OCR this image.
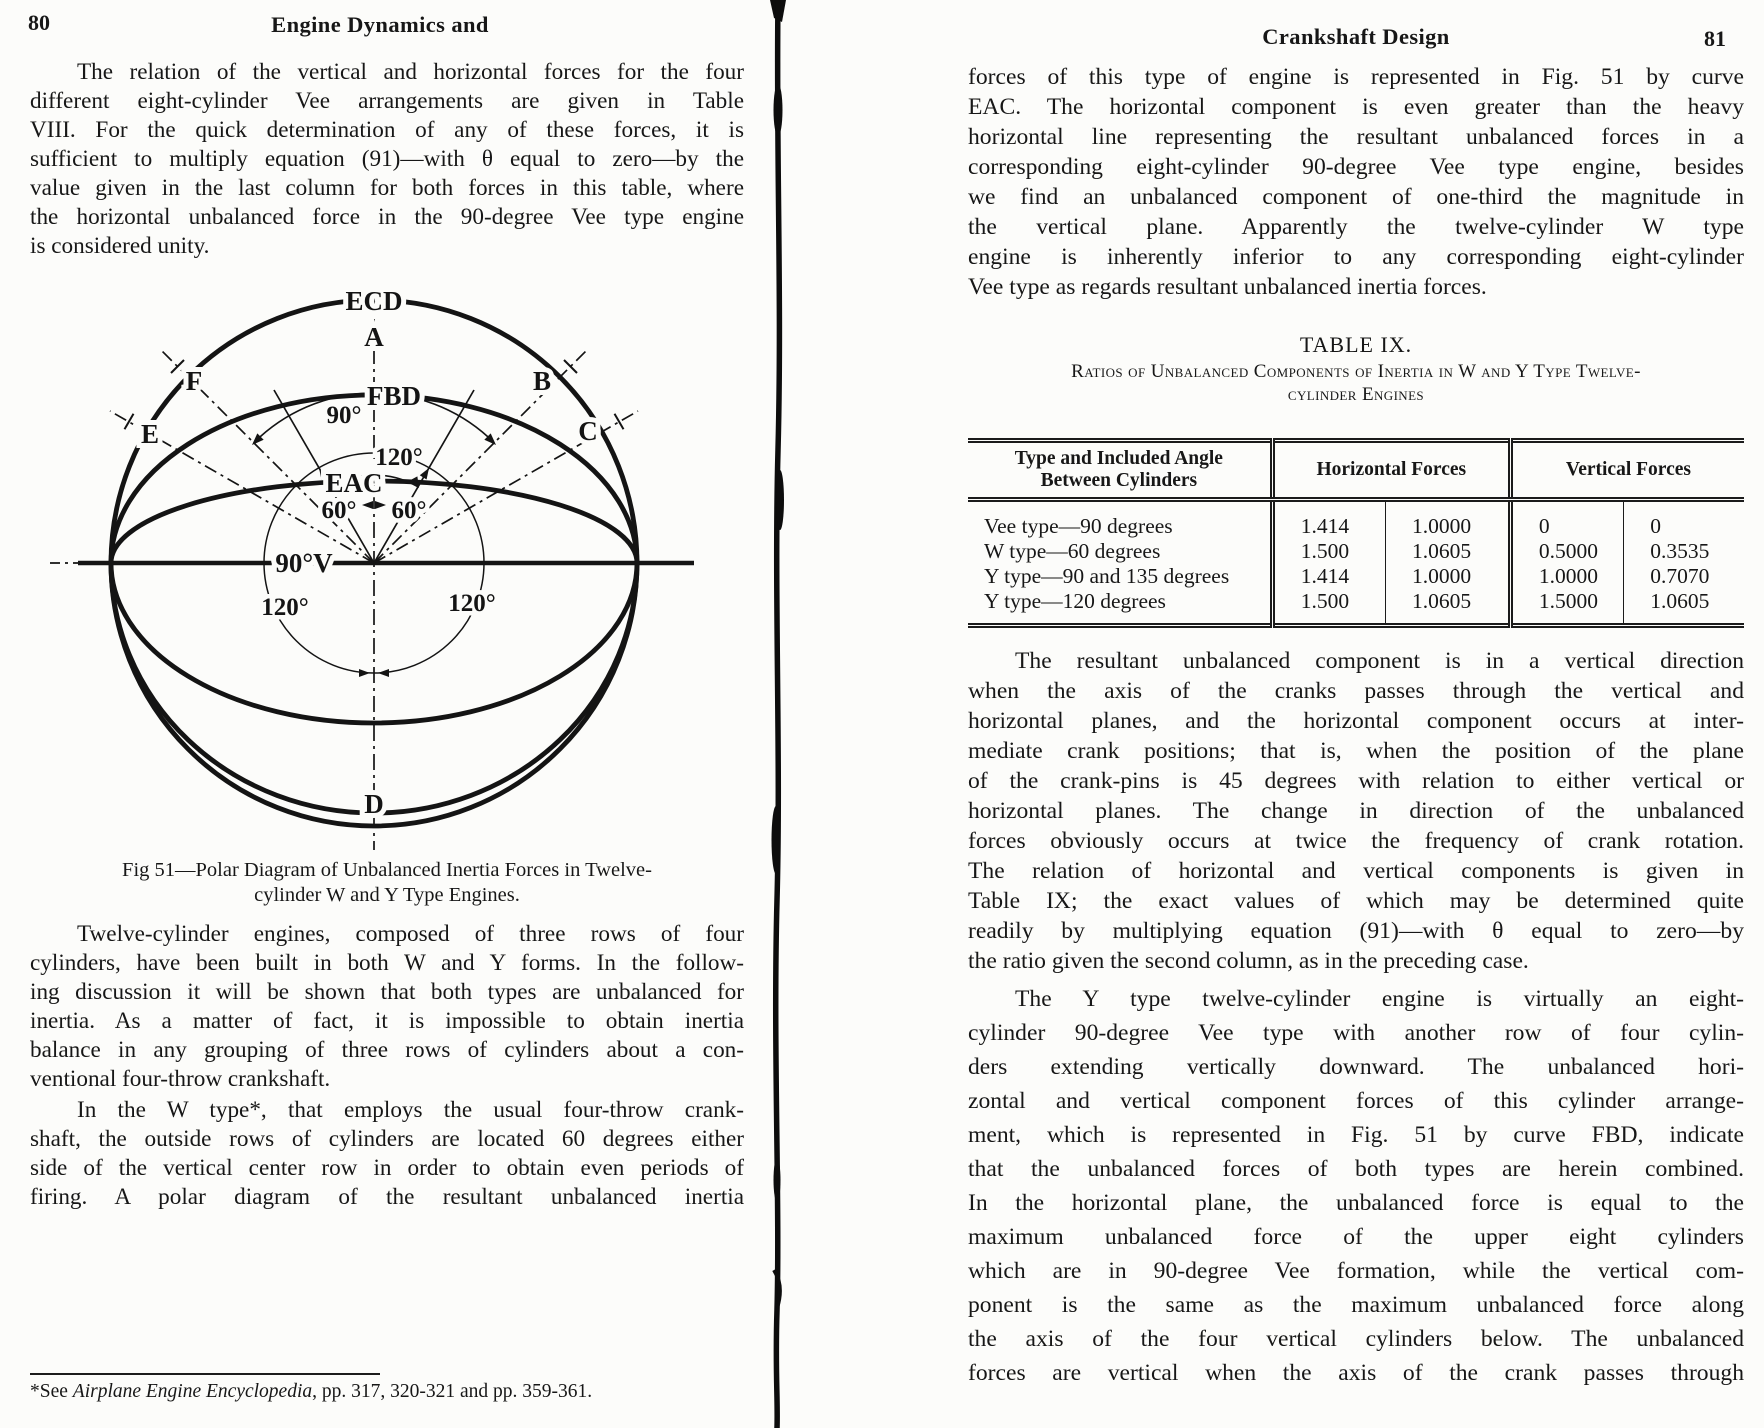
80	Engine Dynamics and
The relation of the vertical and horizontal forces for the four
different eight-cylinder Vee arrangements are given in Table
VIII. For the quick determination of any of these forces, it is
sufficient to multiply equation (91)—with θ equal to zero—by the
value given in the last column for both forces in this table, where
the horizontal unbalanced force in the 90-degree Vee type engine
is considered unity.
ECD
A
FBD	B
F
E	C
90°
120°
EAC
60° 60°
90°V
120°	120°
D
Fig 51—Polar Diagram of Unbalanced Inertia Forces in Twelve-
cylinder W and Y Type Engines.
Twelve-cylinder engines, composed of three rows of four
cylinders, have been built in both W and Y forms. In the follow-
ing discussion it will be shown that both types are unbalanced for
inertia. As a matter of fact, it is impossible to obtain inertia
balance in any grouping of three rows of cylinders about a con-
ventional four-throw crankshaft.
In the W type*, that employs the usual four-throw crank-
shaft, the outside rows of cylinders are located 60 degrees either
side of the vertical center row in order to obtain even periods of
firing. A polar diagram of the resultant unbalanced inertia
*See Airplane Engine Encyclopedia, pp. 317, 320-321 and pp. 359-361.
Crankshaft Design	81
forces of this type of engine is represented in Fig. 51 by curve
EAC. The horizontal component is even greater than the heavy
horizontal line representing the resultant unbalanced forces in a
corresponding eight-cylinder 90-degree Vee type engine, besides
we find an unbalanced component of one-third the magnitude in
the vertical plane. Apparently the twelve-cylinder W type
engine is inherently inferior to any corresponding eight-cylinder
Vee type as regards resultant unbalanced inertia forces.
TABLE IX.
Ratios of Unbalanced Components of Inertia in W and Y Type Twelve-
cylinder Engines
Type and Included Angle
Between Cylinders	Horizontal Forces		Vertical Forces	
Vee type—90 degrees	1.414	1.0000	0	0
W type—60 degrees	1.500	1.0605	0.5000	0.3535
Y type—90 and 135 degrees	1.414	1.0000	1.0000	0.7070
Y type—120 degrees	1.500	1.0605	1.5000	1.0605
The resultant unbalanced component is in a vertical direction
when the axis of the cranks passes through the vertical and
horizontal planes, and the horizontal component occurs at inter-
mediate crank positions; that is, when the position of the plane
of the crank-pins is 45 degrees with relation to either vertical or
horizontal planes. The change in direction of the unbalanced
forces obviously occurs at twice the frequency of crank rotation.
The relation of horizontal and vertical components is given in
Table IX; the exact values of which may be determined quite
readily by multiplying equation (91)—with θ equal to zero—by
the ratio given the second column, as in the preceding case.
The Y type twelve-cylinder engine is virtually an eight-
cylinder 90-degree Vee type with another row of four cylin-
ders extending vertically downward. The unbalanced hori-
zontal and vertical component forces of this cylinder arrange-
ment, which is represented in Fig. 51 by curve FBD, indicate
that the unbalanced forces of both types are herein combined.
In the horizontal plane, the unbalanced force is equal to the
maximum unbalanced force of the upper eight cylinders
which are in 90-degree Vee formation, while the vertical com-
ponent is the same as the maximum unbalanced force along
the axis of the four vertical cylinders below. The unbalanced
forces are vertical when the axis of the crank passes through
